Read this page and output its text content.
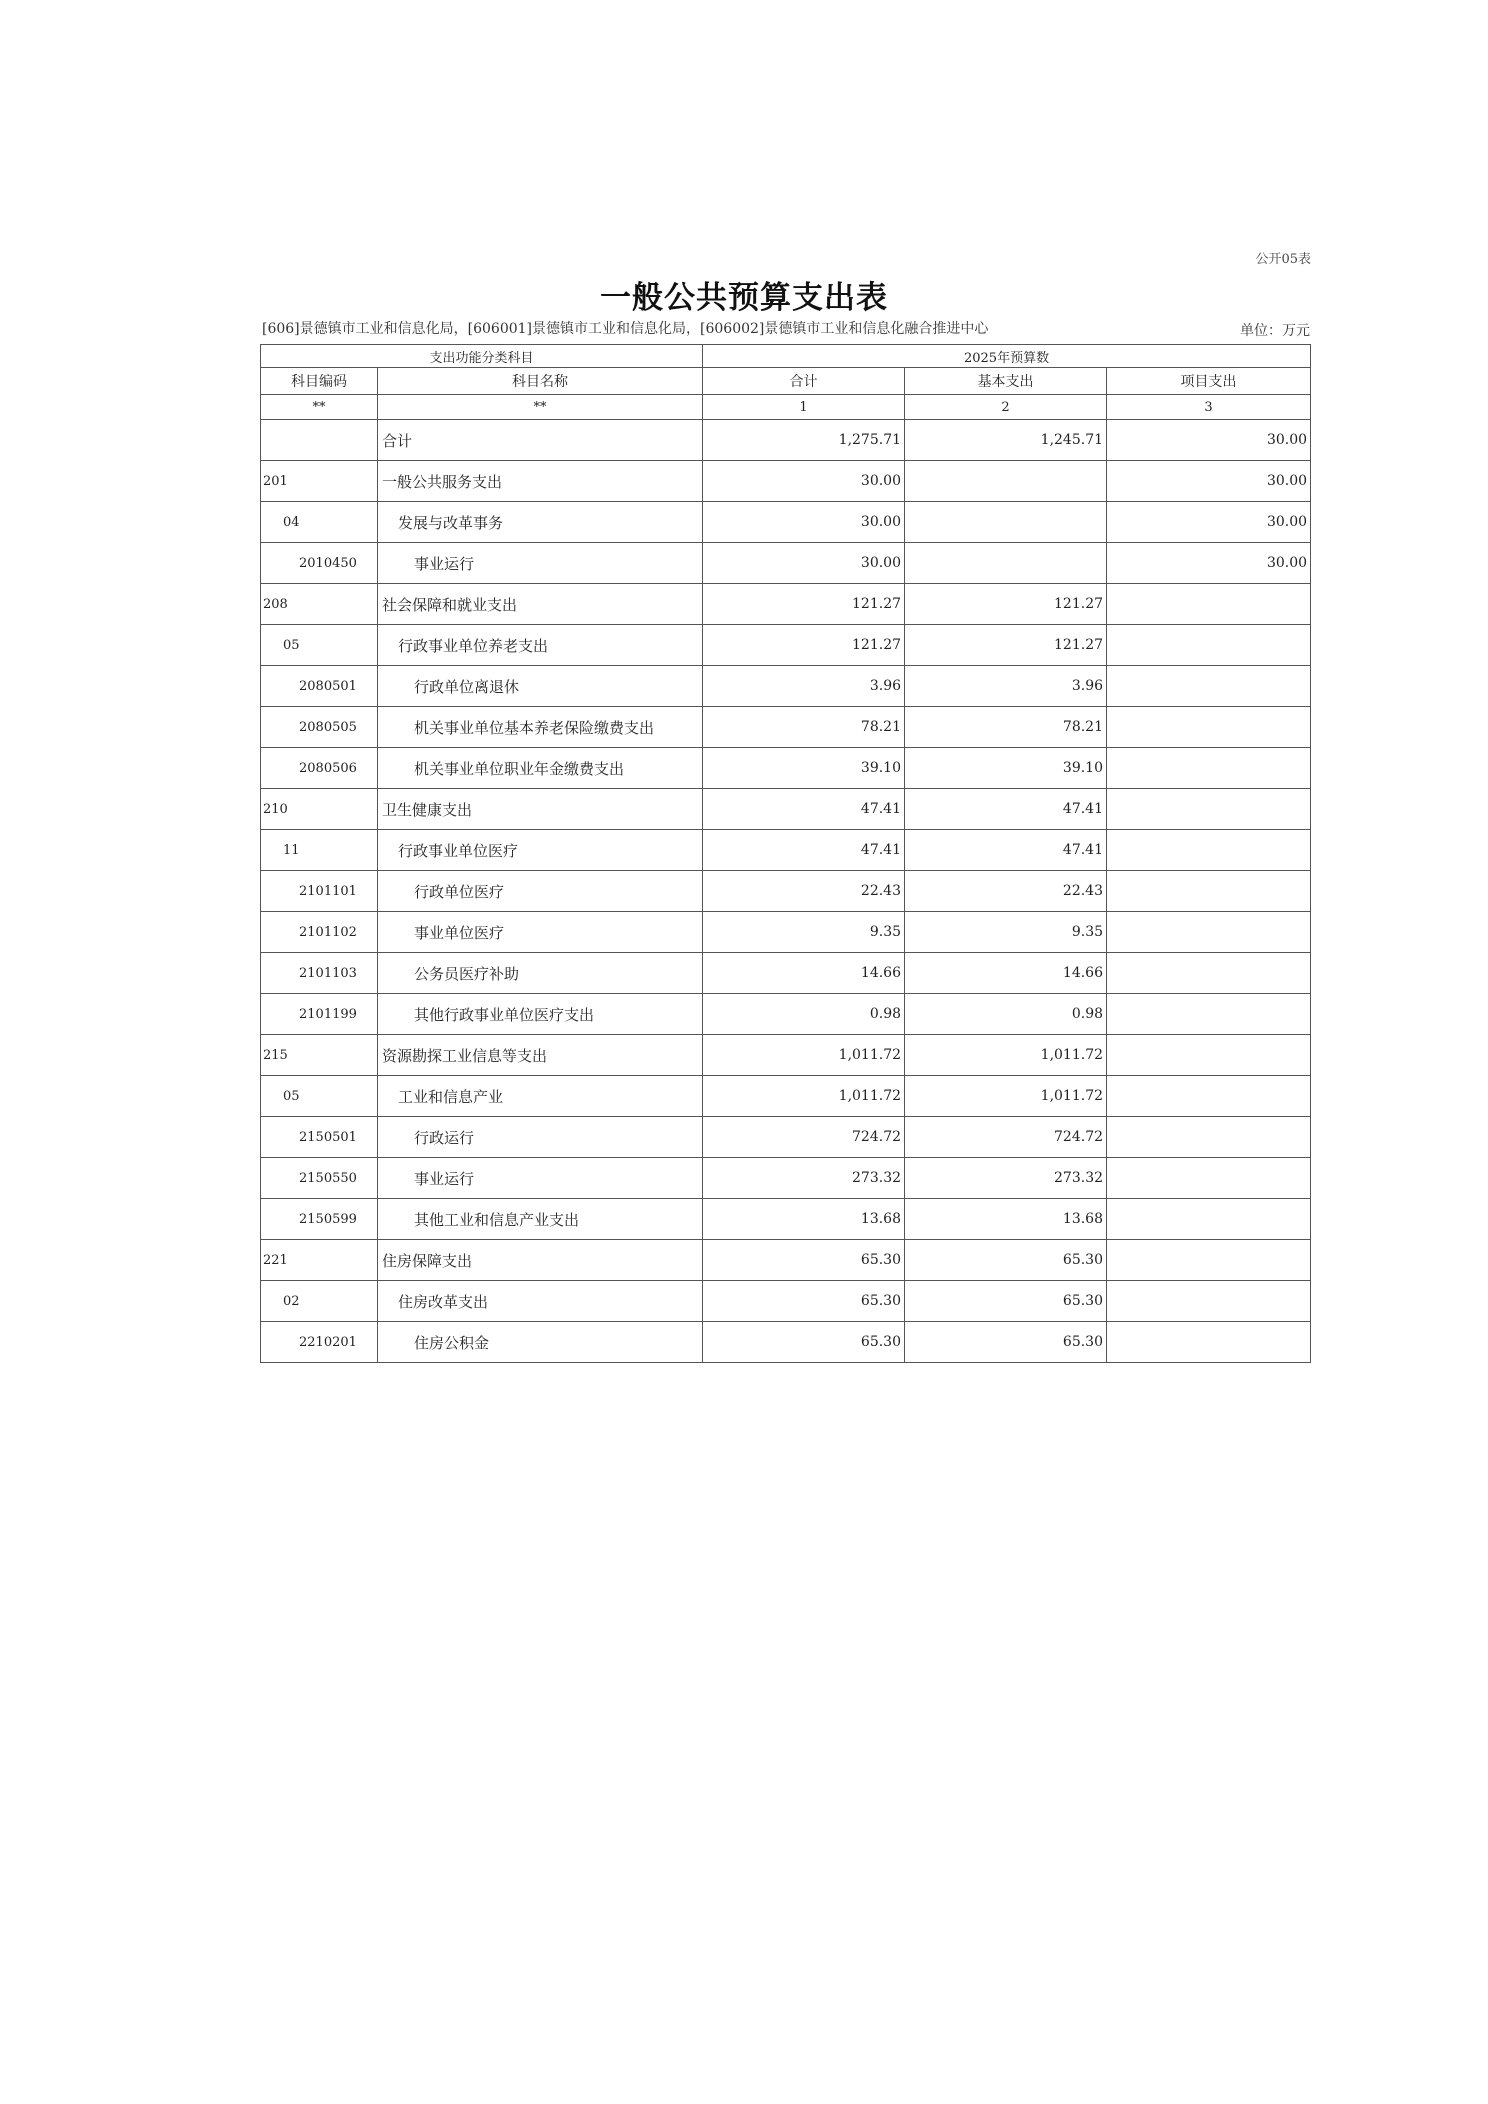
公开05表
一般公共预算支出表
[606]景德镇市工业和信息化局，[606001]景德镇市工业和信息化局，[606002]景德镇市工业和信息化融合推进中心	单位：万元
支出功能分类科目		2025年预算数		
科目编码	科目名称	合计	基本支出	项目支出
**	**	1	2	3
	合计	1,275.71	1,245.71	30.00
201	一般公共服务支出	30.00		30.00
04	发展与改革事务	30.00		30.00
2010450	事业运行	30.00		30.00
208	社会保障和就业支出	121.27	121.27	
05	行政事业单位养老支出	121.27	121.27	
2080501	行政单位离退休	3.96	3.96	
2080505	机关事业单位基本养老保险缴费支出	78.21	78.21	
2080506	机关事业单位职业年金缴费支出	39.10	39.10	
210	卫生健康支出	47.41	47.41	
11	行政事业单位医疗	47.41	47.41	
2101101	行政单位医疗	22.43	22.43	
2101102	事业单位医疗	9.35	9.35	
2101103	公务员医疗补助	14.66	14.66	
2101199	其他行政事业单位医疗支出	0.98	0.98	
215	资源勘探工业信息等支出	1,011.72	1,011.72	
05	工业和信息产业	1,011.72	1,011.72	
2150501	行政运行	724.72	724.72	
2150550	事业运行	273.32	273.32	
2150599	其他工业和信息产业支出	13.68	13.68	
221	住房保障支出	65.30	65.30	
02	住房改革支出	65.30	65.30	
2210201	住房公积金	65.30	65.30	
